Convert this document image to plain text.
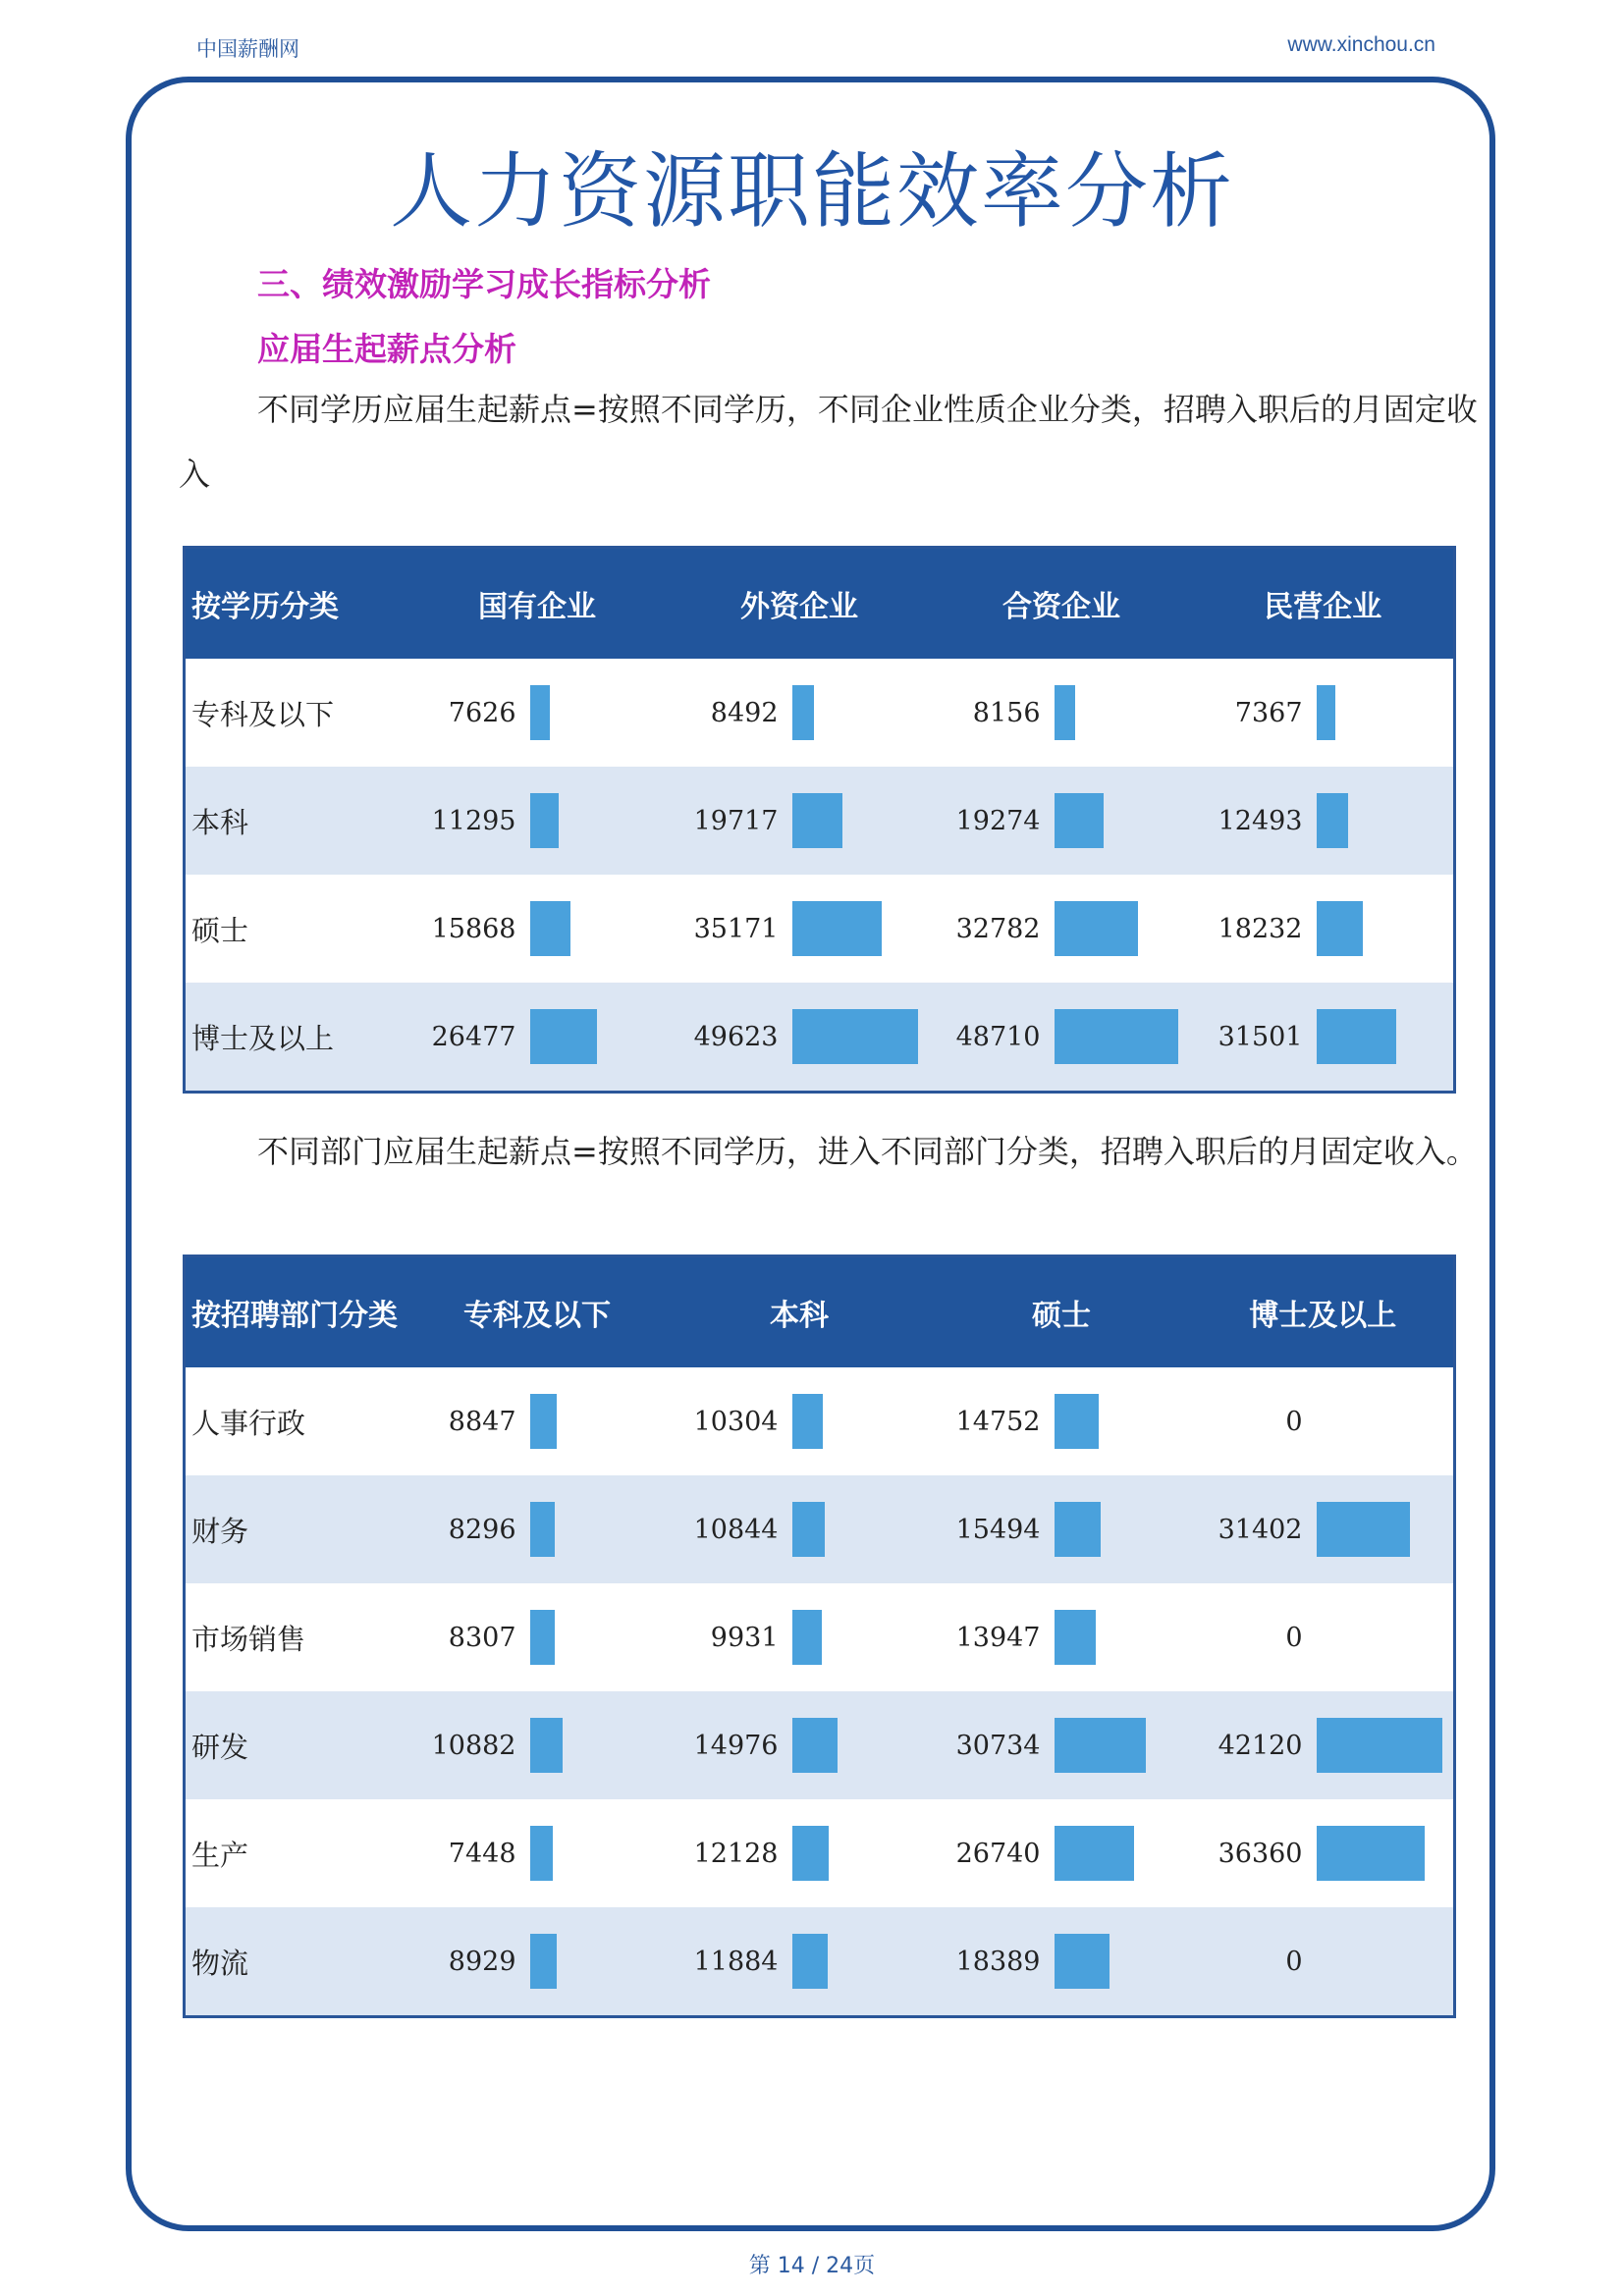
中国薪酬网	www.xinchou.cn
人力资源职能效率分析
三、绩效激励学习成长指标分析
应届生起薪点分析
不同学历应届生起薪点=按照不同学历，不同企业性质企业分类，招聘入职后的月固定收入
按学历分类	国有企业	外资企业	合资企业	民营企业
专科及以下	7626	8492	8156	7367

本科	11295	19717	19274	12493

硕士	15868	35171	32782	18232

博士及以上	26477	49623	48710	31501
不同部门应届生起薪点=按照不同学历，进入不同部门分类，招聘入职后的月固定收入。
按招聘部门分类	专科及以下	本科	硕士	博士及以上
人事行政	8847	10304	14752	0

财务	8296	10844	15494	31402

市场销售	8307	9931	13947	0

研发	10882	14976	30734	42120

生产	7448	12128	26740	36360

物流	8929	11884	18389	0
第 14 / 24页
